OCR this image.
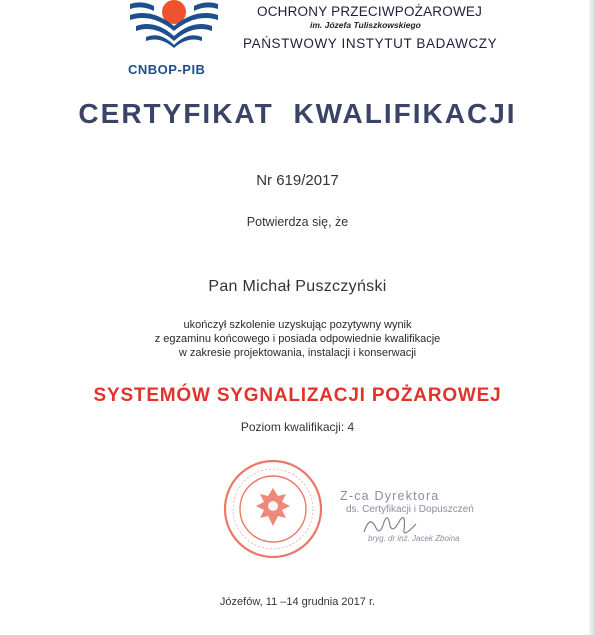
CNBOP-PIB
OCHRONY PRZECIWPOŻAROWEJ
im. Józefa Tuliszkowskiego
PAŃSTWOWY INSTYTUT BADAWCZY
CERTYFIKAT KWALIFIKACJI
Nr 619/2017
Potwierdza się, że
Pan Michał Puszczyński
ukończył szkolenie uzyskując pozytywny wynik
z egzaminu końcowego i posiada odpowiednie kwalifikacje
w zakresie projektowania, instalacji i konserwacji
SYSTEMÓW SYGNALIZACJI POŻAROWEJ
Poziom kwalifikacji: 4
Z-ca Dyrektora
ds. Certyfikacji i Dopuszczeń
bryg. dr inż. Jacek Zboina
Józefów, 11 –14 grudnia 2017 r.
